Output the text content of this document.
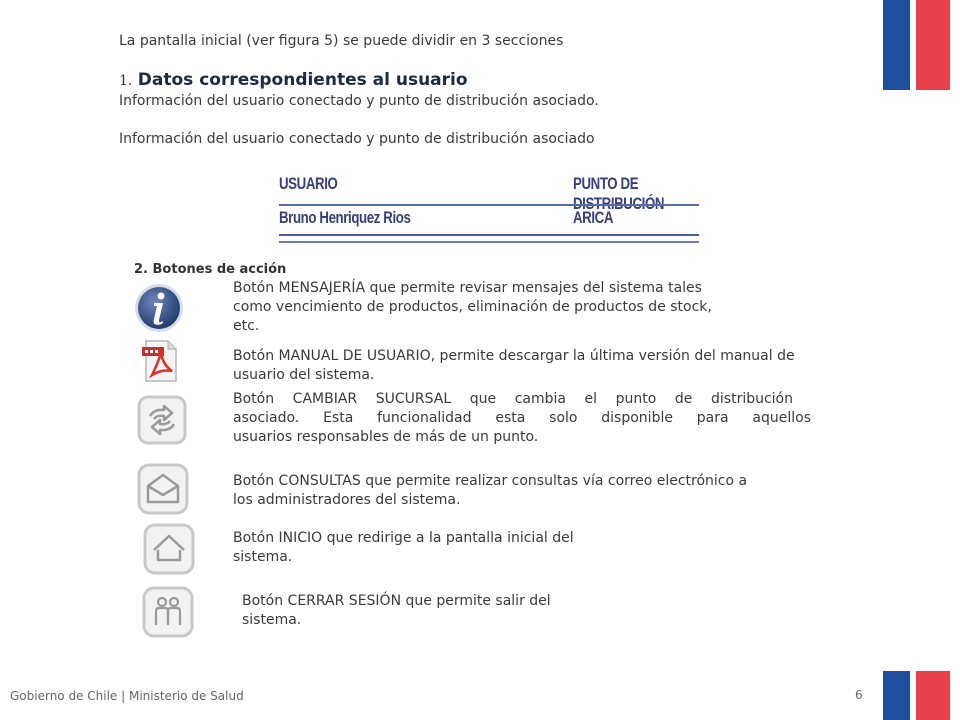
La pantalla inicial (ver figura 5) se puede dividir en 3 secciones
1. Datos correspondientes al usuario
Información del usuario conectado y punto de distribución asociado.
Información del usuario conectado y punto de distribución asociado
USUARIO	PUNTO DE
Bruno Henriquez Rios	ARICA
2. Botones de acción
Botón MENSAJERÍA que permite revisar mensajes del sistema tales
como vencimiento de productos, eliminación de productos de stock,
etc.
Botón MANUAL DE USUARIO, permite descargar la última versión del manual de
usuario del sistema.
Botón CAMBIAR SUCURSAL que cambia el punto de distribución
asociado. Esta funcionalidad esta solo disponible para aquellos
usuarios responsables de más de un punto.
Botón CONSULTAS que permite realizar consultas vía correo electrónico a
los administradores del sistema.
Botón INICIO que redirige a la pantalla inicial del
sistema.
Botón CERRAR SESIÓN que permite salir del
sistema.
Gobierno de Chile | Ministerio de Salud	6
